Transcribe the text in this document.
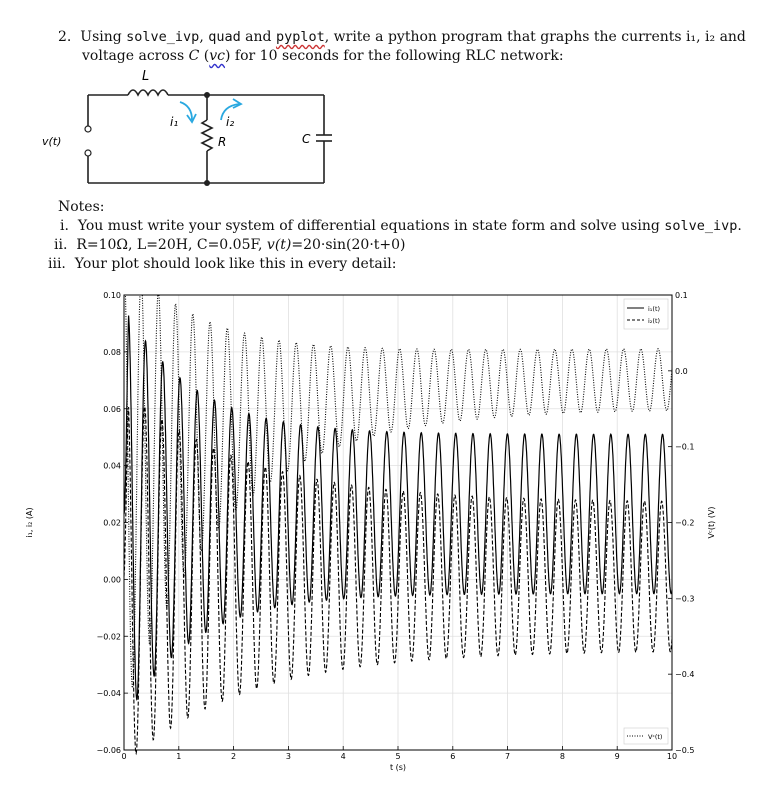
2. Using solve_ivp, quad and pyplot, write a python program that graphs the currents i₁, i₂ and
voltage across C (vc) for 10 seconds for the following RLC network:
L
i₁	i₂
R	C
v(t)
Notes:
i. You must write your system of differential equations in state form and solve using solve_ivp.
ii. R=10Ω, L=20H, C=0.05F, v(t)=20·sin(20·t+0)
iii. Your plot should look like this in every detail:
0	1	2	3	4	5	6	7	8	9	10
0.10
0.08
0.06
0.04
0.02
0.00
−0.02
−0.04
−0.06
0.1
0.0
−0.1
−0.2
−0.3
−0.4
−0.5
i₁(t)
i₂(t)
Vᶜ(t)
t (s)
i₁, i₂ (A)	Vᶜ(t) (V)
